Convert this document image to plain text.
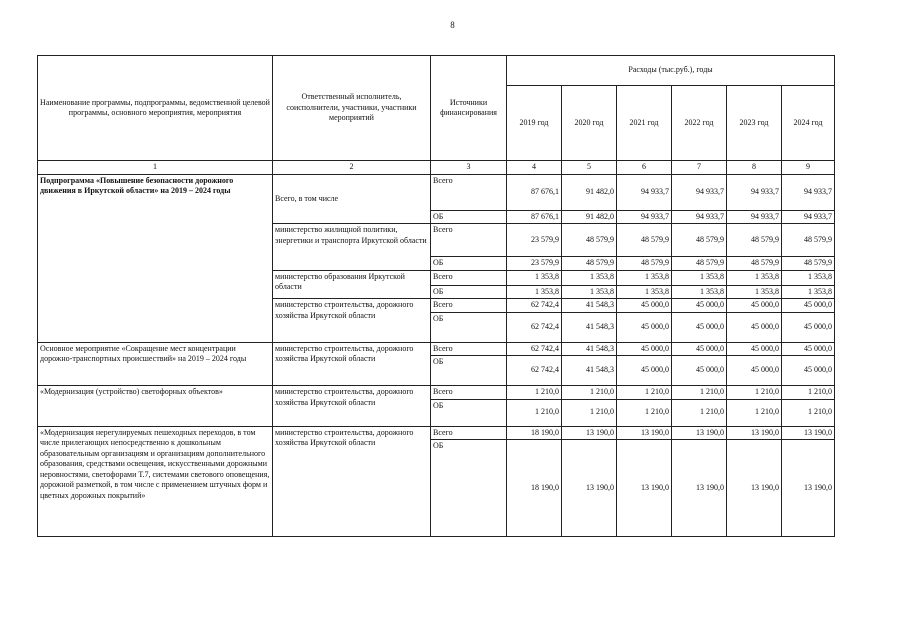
8
Наименование программы, подпрограммы, ведомственной целевой программы, основного мероприятия, мероприятия	Ответственный исполнитель, соисполнители, участники, участники мероприятий	Источники финансирования	Расходы (тыс.руб.), годы					
			2019 год	2020 год	2021 год	2022 год	2023 год	2024 год
1	2	3	4	5	6	7	8	9
Подпрограмма «Повышение безопасности дорожного движения в Иркутской области» на 2019 – 2024 годы	Всего, в том числе	Всего	87 676,1	91 482,0	94 933,7	94 933,7	94 933,7	94 933,7
		ОБ	87 676,1	91 482,0	94 933,7	94 933,7	94 933,7	94 933,7
	министерство жилищной политики, энергетики и транспорта Иркутской области	Всего	23 579,9	48 579,9	48 579,9	48 579,9	48 579,9	48 579,9
		ОБ	23 579,9	48 579,9	48 579,9	48 579,9	48 579,9	48 579,9
	министерство образования Иркутской области	Всего	1 353,8	1 353,8	1 353,8	1 353,8	1 353,8	1 353,8
		ОБ	1 353,8	1 353,8	1 353,8	1 353,8	1 353,8	1 353,8
	министерство строительства, дорожного хозяйства Иркутской области	Всего	62 742,4	41 548,3	45 000,0	45 000,0	45 000,0	45 000,0
		ОБ	62 742,4	41 548,3	45 000,0	45 000,0	45 000,0	45 000,0
Основное мероприятие «Сокращение мест концентрации дорожно-транспортных происшествий» на 2019 – 2024 годы	министерство строительства, дорожного хозяйства Иркутской области	Всего	62 742,4	41 548,3	45 000,0	45 000,0	45 000,0	45 000,0
		ОБ	62 742,4	41 548,3	45 000,0	45 000,0	45 000,0	45 000,0
«Модернизация (устройство) светофорных объектов»	министерство строительства, дорожного хозяйства Иркутской области	Всего	1 210,0	1 210,0	1 210,0	1 210,0	1 210,0	1 210,0
		ОБ	1 210,0	1 210,0	1 210,0	1 210,0	1 210,0	1 210,0
«Модернизация нерегулируемых пешеходных переходов, в том числе прилегающих непосредственно к дошкольным образовательным организациям и организациям дополнительного образования, средствами освещения, искусственными дорожными неровностями, светофорами Т.7, системами светового оповещения, дорожной разметкой, в том числе с применением штучных форм и цветных дорожных покрытий»	министерство строительства, дорожного хозяйства Иркутской области	Всего	18 190,0	13 190,0	13 190,0	13 190,0	13 190,0	13 190,0
		ОБ	18 190,0	13 190,0	13 190,0	13 190,0	13 190,0	13 190,0
